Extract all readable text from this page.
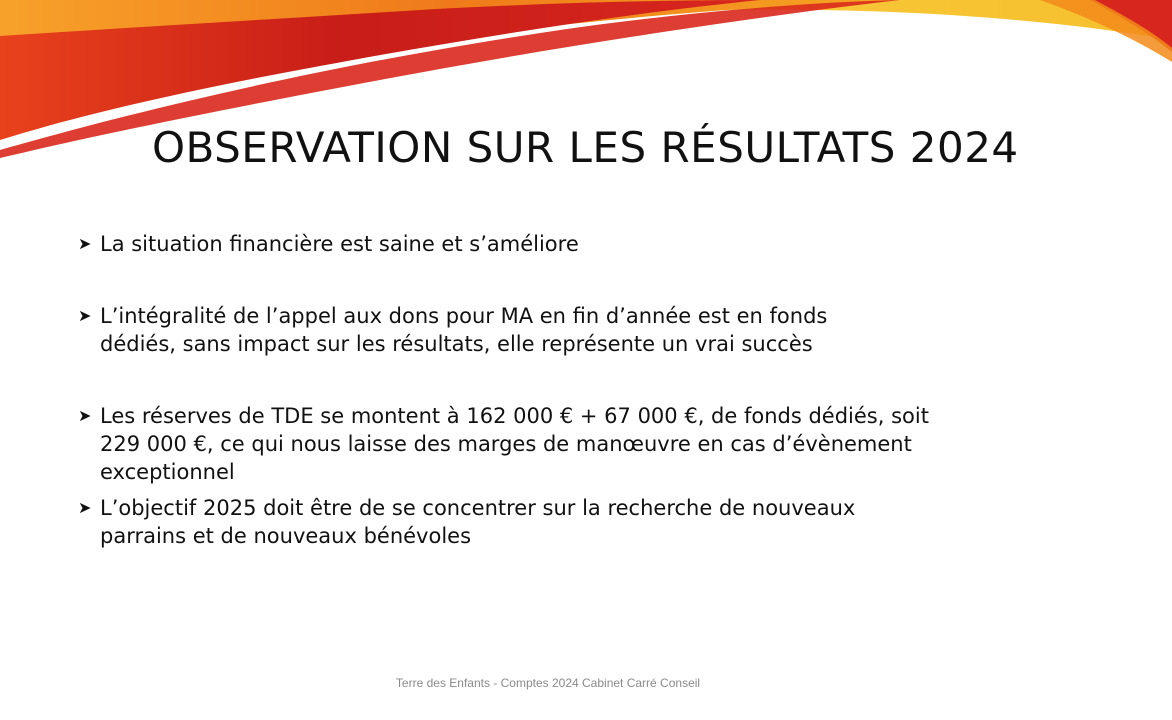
OBSERVATION SUR LES RÉSULTATS 2024
➤ La situation financière est saine et s’améliore
➤ L’intégralité de l’appel aux dons pour MA en fin d’année est en fonds
dédiés, sans impact sur les résultats, elle représente un vrai succès
➤ Les réserves de TDE se montent à 162 000 € + 67 000 €, de fonds dédiés, soit
229 000 €, ce qui nous laisse des marges de manœuvre en cas d’évènement
exceptionnel
➤ L’objectif 2025 doit être de se concentrer sur la recherche de nouveaux
parrains et de nouveaux bénévoles
Terre des Enfants - Comptes 2024 Cabinet Carré Conseil
